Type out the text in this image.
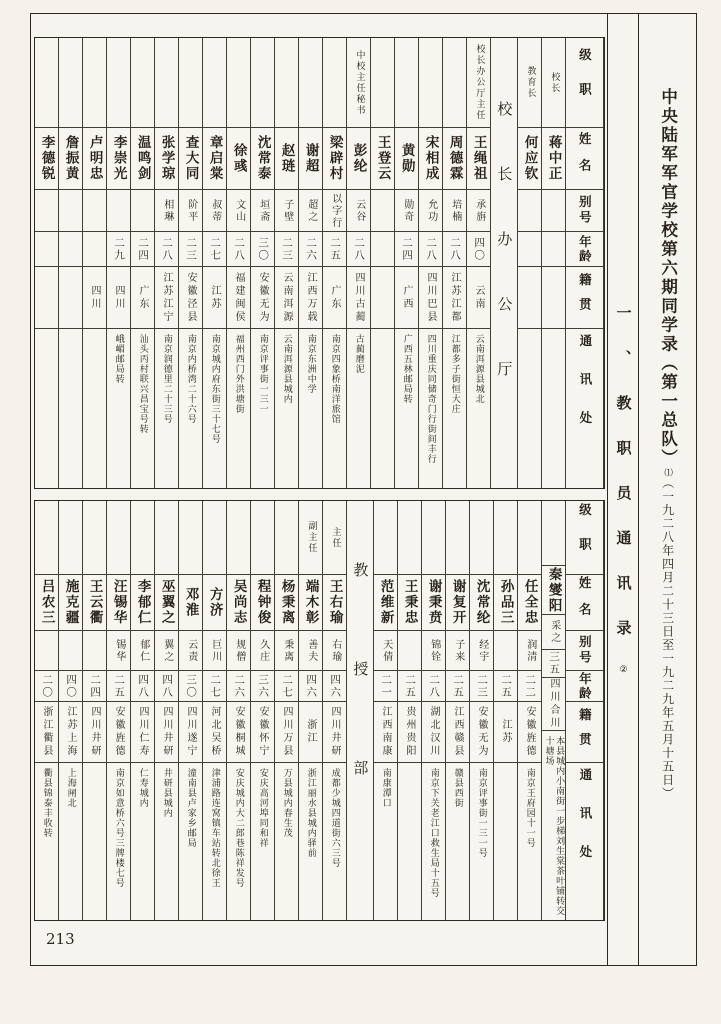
级职
姓名
别号
年龄
籍贯
通讯处
校长
蒋中正
教育长
何应钦
校长办公厅
校长办公厅主任
王绳祖
承旃
四〇
云南
云南洱源县城北
周德霖
培楠
二八
江苏江都
江都多子街恒大庄
宋相成
允功
二八
四川巴县
四川重庆同储奇门行街间丰行
黄勋
勋奇
二四
广西
广西五林邮局转
王登云
中校主任秘书
彭纶
云谷
二八
四川古蔺
古蔺磨泥
梁辟村
以字行
二五
广东
南京四象桥南洋旅馆
谢超
超之
二六
江西万载
南京东洲中学
赵琏
子壁
二三
云南洱源
云南洱源县城内
沈常泰
垣斋
三〇
安徽无为
南京评事街一三一
徐彧
文山
二八
福建闽侯
福州西门外洪塘街
章启棠
叔蒂
二七
江苏
南京城内府东街三十七号
查大同
阶平
二三
安徽泾县
南京内桥湾二十六号
张学琼
相琳
二八
江苏江宁
南京润德里二十三号
温鸣剑
二四
广东
汕头丙村联兴昌宝号转
李崇光
二九
四川
峨嵋邮局转
卢明忠
四川
詹振黄
李德锐
级职
姓名
别号
年龄
籍贯
通讯处
秦燮阳
采之
三五
四川合川
本县城内小南街一步梯刘生棠茶叶铺转交十塘场
任全忠
润清
二二
安徽旌德
南京王府园十一号
孙品三
二五
江苏
沈常纶
经宇
二三
安徽无为
南京评事街一三一号
谢复开
子来
二五
江西赣县
赣县西街
谢秉贲
锦铨
二八
湖北汉川
南京下关老江口救生局十五号
王秉忠
二五
贵州贵阳
范维新
天倩
二一
江西南康
南康潭口
教授部
主任
王右瑜
右瑜
四六
四川井研
成都少城四道街六三号
副主任
端木彰
善夫
四六
浙江
浙江丽水县城内驿前
杨秉离
秉离
二七
四川万县
万县城内春生茂
程钟俊
久庄
三六
安徽怀宁
安庆高河埠同和祥
吴尚志
规僧
二六
安徽桐城
安庆城内大二郎巷陈祥发号
方济
巨川
二七
河北吴桥
津浦路连窝镇车站转北徐王
邓淮
云责
三〇
四川遂宁
潼南县卢家乡邮局
巫翼之
翼之
四八
四川井研
井研县城内
李郁仁
郁仁
四八
四川仁寿
仁寿城内
汪锡华
锡华
二五
安徽旌德
南京如意桥六号三牌楼七号
王云衢
二四
四川井研
施克疆
四〇
江苏上海
上海闸北
吕农三
二〇
浙江衢县
衢县锦泰丰收转
213
一、教职员通讯录②
中央陆军军官学校第六期同学录（第一总队）⑴（一九二八年四月二十三日至一九二九年五月十五日）
